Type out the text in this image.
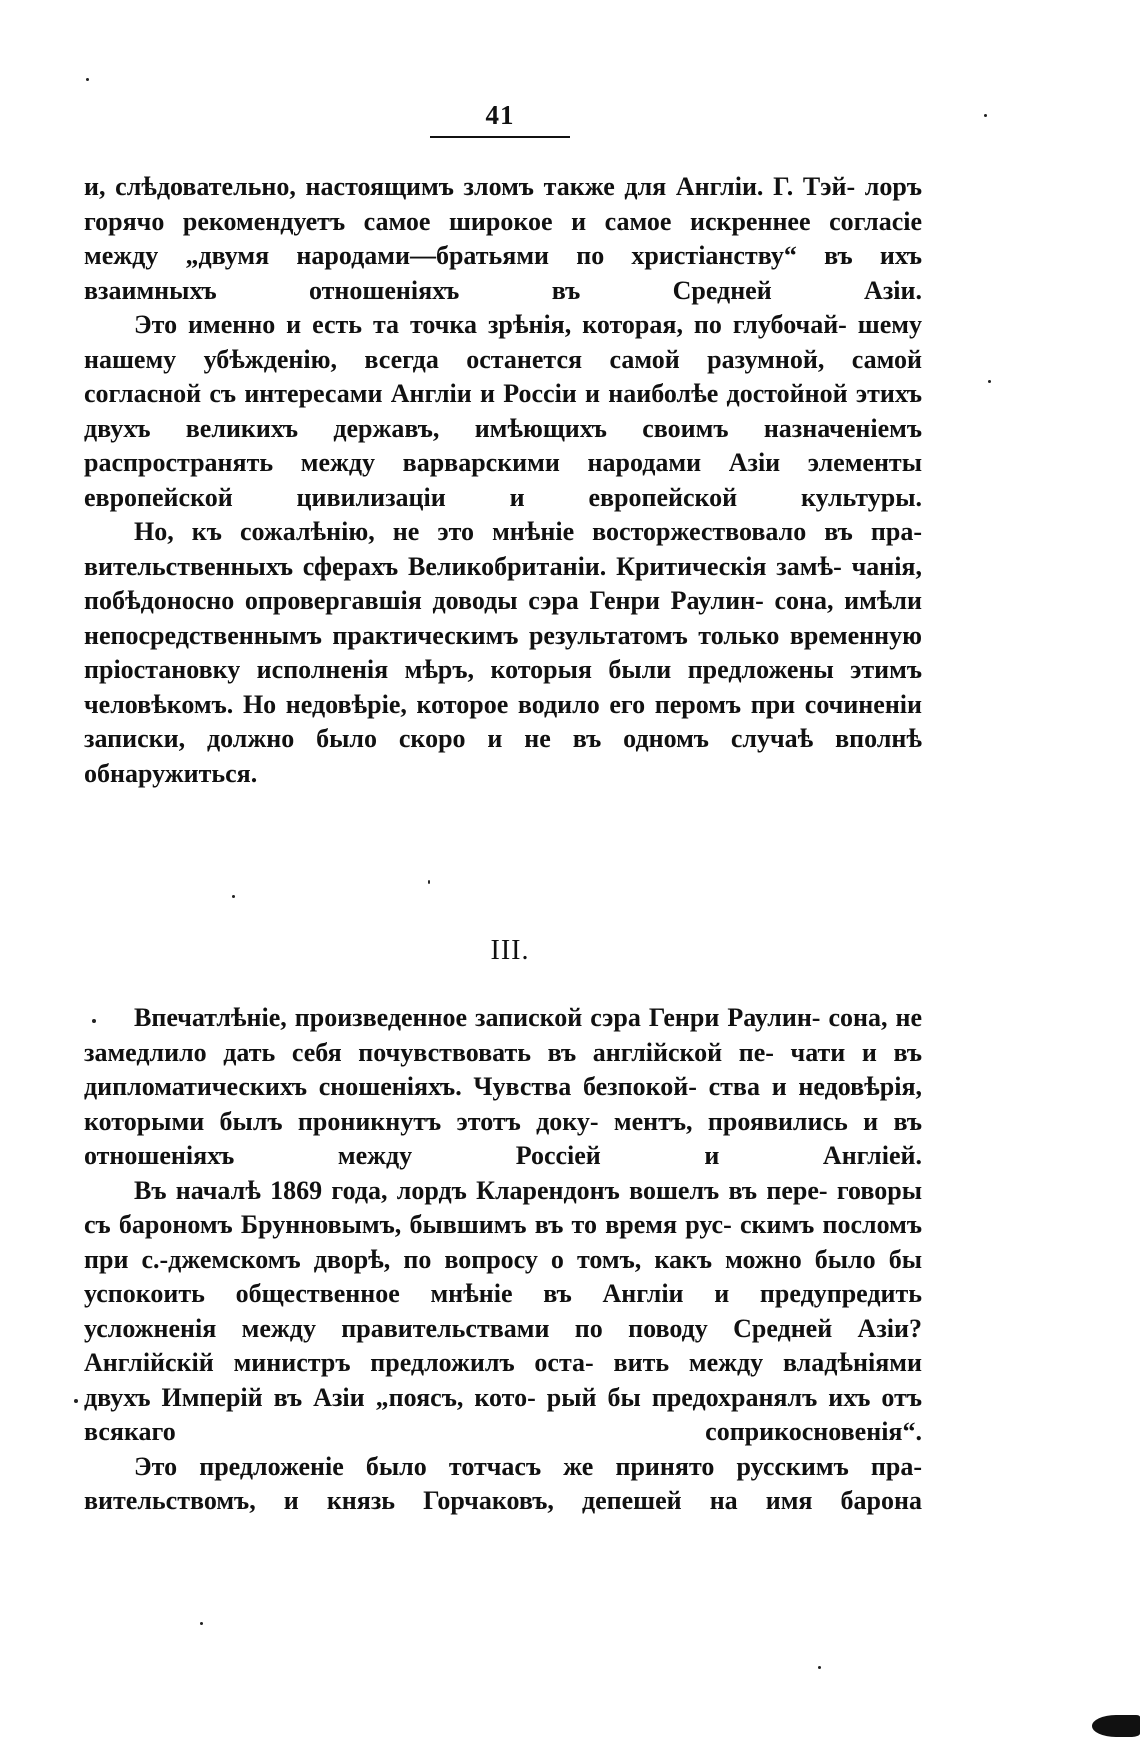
41

и, слѣдовательно, настоящимъ зломъ также для Англіи. Г. Тэй- лоръ горячо рекомендуетъ самое широкое и самое искреннее согласіе между „двумя народами—братьями по христіанству“ въ ихъ взаимныхъ отношеніяхъ въ Средней Азіи.

Это именно и есть та точка зрѣнія, которая, по глубочай- шему нашему убѣжденію, всегда останется самой разумной, самой согласной съ интересами Англіи и Россіи и наиболѣе достойной этихъ двухъ великихъ державъ, имѣющихъ своимъ назначеніемъ распространять между варварскими народами Азіи элементы европейской цивилизаціи и европейской культуры.

Но, къ сожалѣнію, не это мнѣніе восторжествовало въ пра- вительственныхъ сферахъ Великобританіи. Критическія замѣ- чанія, побѣдоносно опровергавшія доводы сэра Генри Раулин- сона, имѣли непосредственнымъ практическимъ результатомъ только временную пріостановку исполненія мѣръ, которыя были предложены этимъ человѣкомъ. Но недовѣріе, которое водило его перомъ при сочиненіи записки, должно было скоро и не въ одномъ случаѣ вполнѣ обнаружиться.

III.

Впечатлѣніе, произведенное запиской сэра Генри Раулин- сона, не замедлило дать себя почувствовать въ англійской пе- чати и въ дипломатическихъ сношеніяхъ. Чувства безпокой- ства и недовѣрія, которыми былъ проникнутъ этотъ доку- ментъ, проявились и въ отношеніяхъ между Россіей и Англіей.

Въ началѣ 1869 года, лордъ Кларендонъ вошелъ въ пере- говоры съ барономъ Брунновымъ, бывшимъ въ то время рус- скимъ посломъ при с.-джемскомъ дворѣ, по вопросу о томъ, какъ можно было бы успокоить общественное мнѣніе въ Англіи и предупредить усложненія между правительствами по поводу Средней Азіи? Англійскій министръ предложилъ оста- вить между владѣніями двухъ Имперій въ Азіи „поясъ, кото- рый бы предохранялъ ихъ отъ всякаго соприкосновенія“.

Это предложеніе было тотчасъ же принято русскимъ пра- вительствомъ, и князь Горчаковъ, депешей на имя барона
